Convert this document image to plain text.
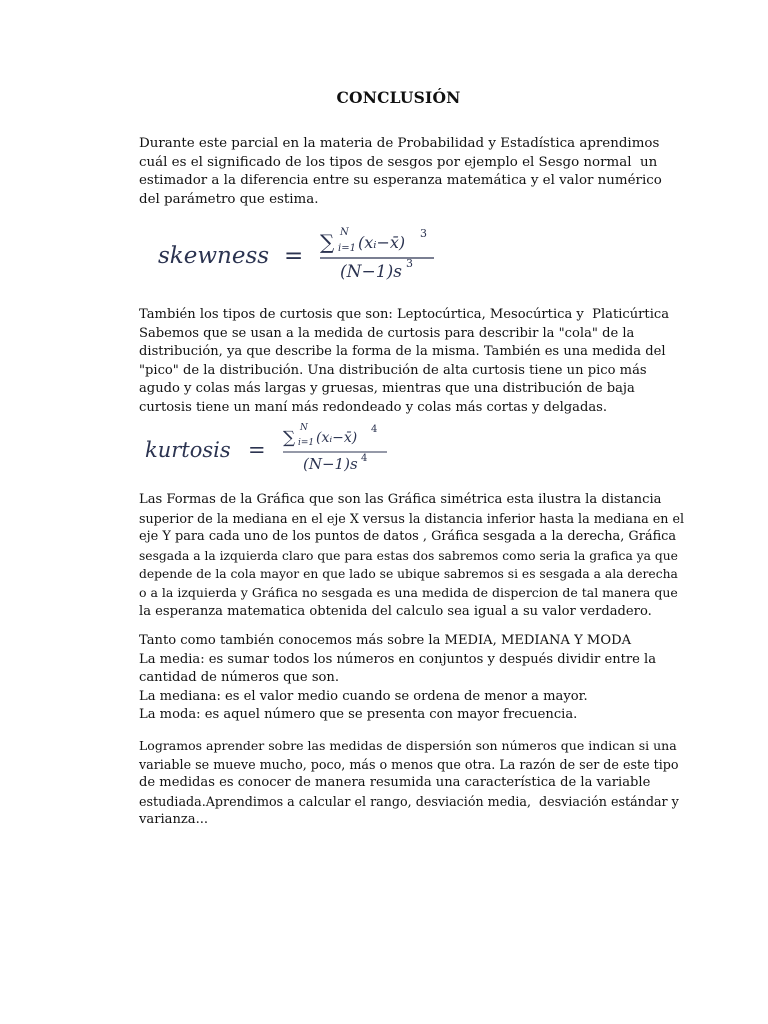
CONCLUSIÓN
Durante este parcial en la materia de Probabilidad y Estadística aprendimos
cuál es el significado de los tipos de sesgos por ejemplo el Sesgo normal  un
estimador a la diferencia entre su esperanza matemática y el valor numérico
del parámetro que estima.
skewness =
∑ N
i=1 (xᵢ−x̄) 3
(N−1)s 3
También los tipos de curtosis que son: Leptocúrtica, Mesocúrtica y  Platicúrtica
Sabemos que se usan a la medida de curtosis para describir la "cola" de la
distribución, ya que describe la forma de la misma. También es una medida del
"pico" de la distribución. Una distribución de alta curtosis tiene un pico más
agudo y colas más largas y gruesas, mientras que una distribución de baja
curtosis tiene un maní más redondeado y colas más cortas y delgadas.
kurtosis = ∑ N
i=1 (xᵢ−x̄)
4
(N−1)s 4
Las Formas de la Gráfica que son las Gráfica simétrica esta ilustra la distancia
superior de la mediana en el eje X versus la distancia inferior hasta la mediana en el
eje Y para cada uno de los puntos de datos , Gráfica sesgada a la derecha, Gráfica
sesgada a la izquierda claro que para estas dos sabremos como seria la grafica ya que
depende de la cola mayor en que lado se ubique sabremos si es sesgada a ala derecha
o a la izquierda y Gráfica no sesgada es una medida de dispercion de tal manera que
la esperanza matematica obtenida del calculo sea igual a su valor verdadero.
Tanto como también conocemos más sobre la MEDIA, MEDIANA Y MODA
La media: es sumar todos los números en conjuntos y después dividir entre la
cantidad de números que son.
La mediana: es el valor medio cuando se ordena de menor a mayor.
La moda: es aquel número que se presenta con mayor frecuencia.
Logramos aprender sobre las medidas de dispersión son números que indican si una
variable se mueve mucho, poco, más o menos que otra. La razón de ser de este tipo
de medidas es conocer de manera resumida una característica de la variable
estudiada.Aprendimos a calcular el rango, desviación media,  desviación estándar y
varianza...
